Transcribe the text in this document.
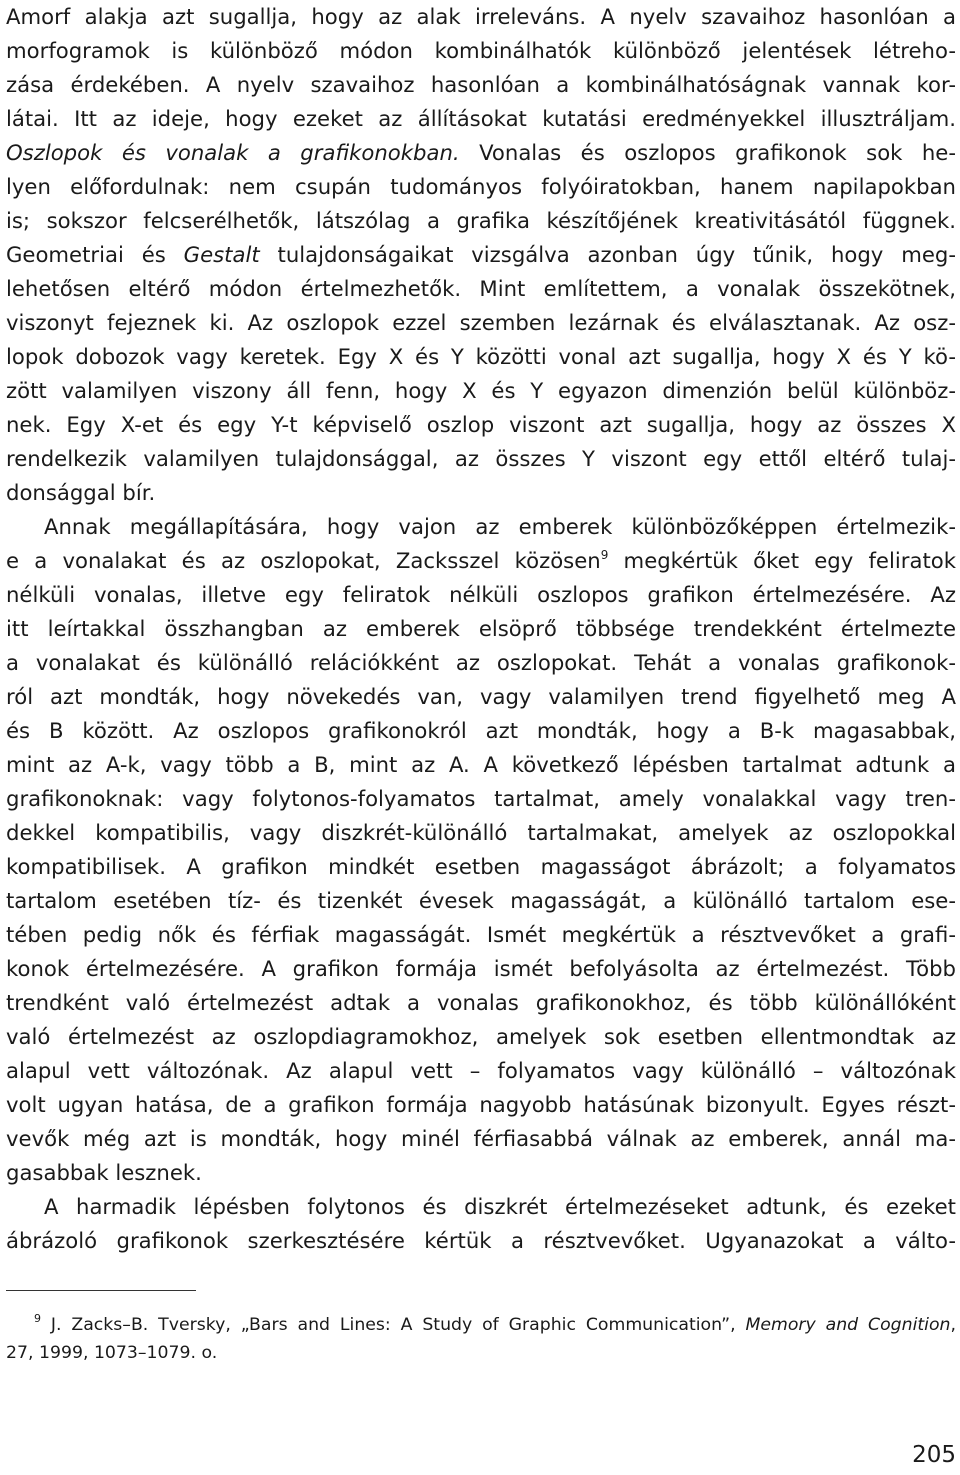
Amorf alakja azt sugallja, hogy az alak irreleváns. A nyelv szavaihoz hasonlóan a
morfogramok is különböző módon kombinálhatók különböző jelentések létreho-
zása érdekében. A nyelv szavaihoz hasonlóan a kombinálhatóságnak vannak kor-
látai. Itt az ideje, hogy ezeket az állításokat kutatási eredményekkel illusztráljam.
Oszlopok és vonalak a grafikonokban. Vonalas és oszlopos grafikonok sok he-
lyen előfordulnak: nem csupán tudományos folyóiratokban, hanem napilapokban
is; sokszor felcserélhetők, látszólag a grafika készítőjének kreativitásától függnek.
Geometriai és Gestalt tulajdonságaikat vizsgálva azonban úgy tűnik, hogy meg-
lehetősen eltérő módon értelmezhetők. Mint említettem, a vonalak összekötnek,
viszonyt fejeznek ki. Az oszlopok ezzel szemben lezárnak és elválasztanak. Az osz-
lopok dobozok vagy keretek. Egy X és Y közötti vonal azt sugallja, hogy X és Y kö-
zött valamilyen viszony áll fenn, hogy X és Y egyazon dimenzión belül különböz-
nek. Egy X-et és egy Y-t képviselő oszlop viszont azt sugallja, hogy az összes X
rendelkezik valamilyen tulajdonsággal, az összes Y viszont egy ettől eltérő tulaj-
donsággal bír.
Annak megállapítására, hogy vajon az emberek különbözőképpen értelmezik-
e a vonalakat és az oszlopokat, Zacksszel közösen$^9$ megkértük őket egy feliratok
nélküli vonalas, illetve egy feliratok nélküli oszlopos grafikon értelmezésére. Az
itt leírtakkal összhangban az emberek elsöprő többsége trendekként értelmezte
a vonalakat és különálló relációkként az oszlopokat. Tehát a vonalas grafikonok-
ról azt mondták, hogy növekedés van, vagy valamilyen trend figyelhető meg A
és B között. Az oszlopos grafikonokról azt mondták, hogy a B-k magasabbak,
mint az A-k, vagy több a B, mint az A. A következő lépésben tartalmat adtunk a
grafikonoknak: vagy folytonos-folyamatos tartalmat, amely vonalakkal vagy tren-
dekkel kompatibilis, vagy diszkrét-különálló tartalmakat, amelyek az oszlopokkal
kompatibilisek. A grafikon mindkét esetben magasságot ábrázolt; a folyamatos
tartalom esetében tíz- és tizenkét évesek magasságát, a különálló tartalom ese-
tében pedig nők és férfiak magasságát. Ismét megkértük a résztvevőket a grafi-
konok értelmezésére. A grafikon formája ismét befolyásolta az értelmezést. Több
trendként való értelmezést adtak a vonalas grafikonokhoz, és több különállóként
való értelmezést az oszlopdiagramokhoz, amelyek sok esetben ellentmondtak az
alapul vett változónak. Az alapul vett – folyamatos vagy különálló – változónak
volt ugyan hatása, de a grafikon formája nagyobb hatásúnak bizonyult. Egyes részt-
vevők még azt is mondták, hogy minél férfiasabbá válnak az emberek, annál ma-
gasabbak lesznek.
A harmadik lépésben folytonos és diszkrét értelmezéseket adtunk, és ezeket
ábrázoló grafikonok szerkesztésére kértük a résztvevőket. Ugyanazokat a válto-
$^9$ J. Zacks–B. Tversky, „Bars and Lines: A Study of Graphic Communication”, Memory and Cognition,
27, 1999, 1073–1079. o.
205
